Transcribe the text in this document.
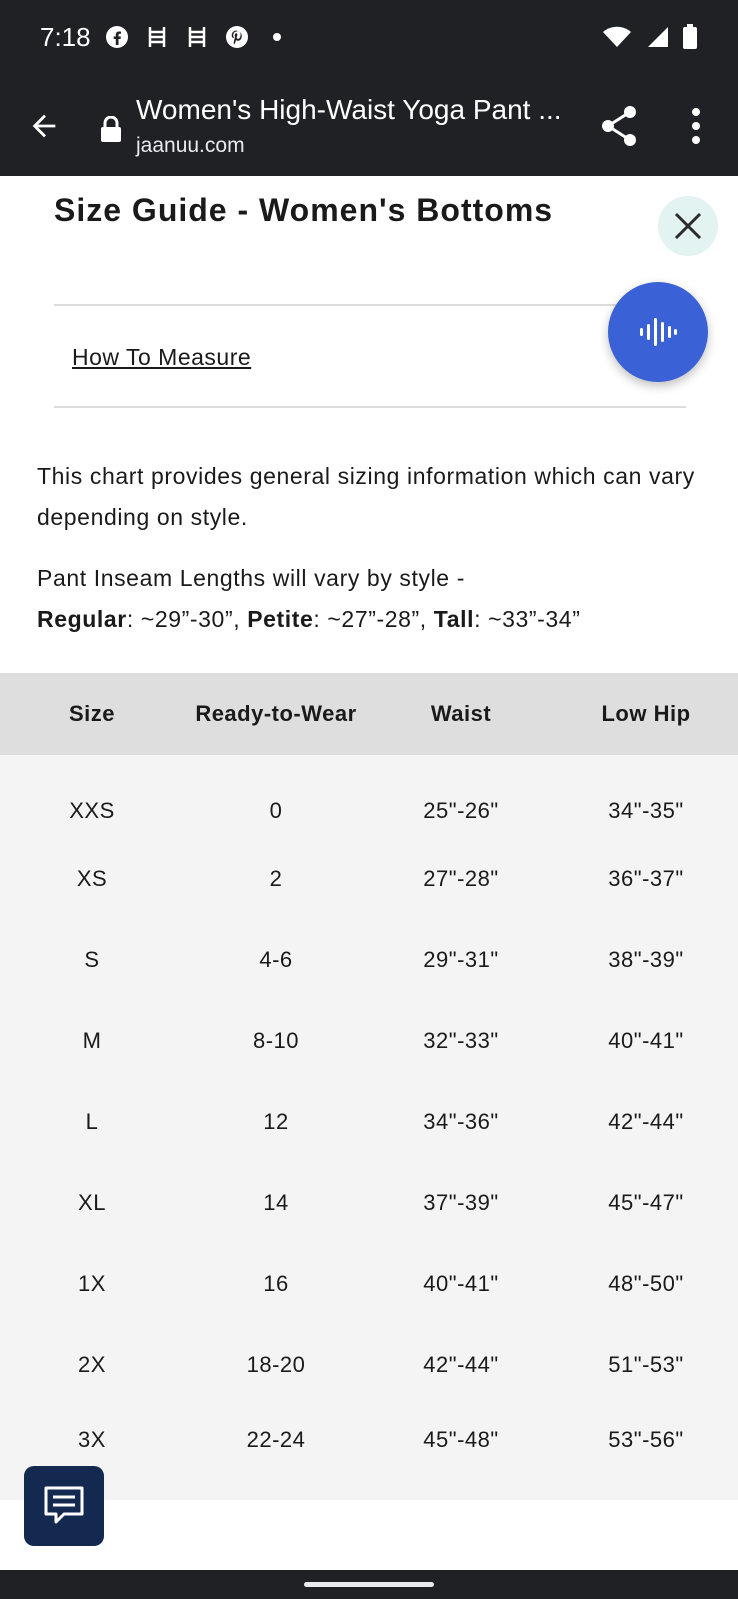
7:18
Women's High-Waist Yoga Pant ...
jaanuu.com
Size Guide - Women's Bottoms
How To Measure
This chart provides general sizing information which can vary depending on style.
Pant Inseam Lengths will vary by style -
Regular: ~29”-30”, Petite: ~27”-28”, Tall: ~33”-34”
Size	Ready-to-Wear	Waist	Low Hip
XXS	0	25"-26"	34"-35"
XS	2	27"-28"	36"-37"
S	4-6	29"-31"	38"-39"
M	8-10	32"-33"	40"-41"
L	12	34"-36"	42"-44"
XL	14	37"-39"	45"-47"
1X	16	40"-41"	48"-50"
2X	18-20	42"-44"	51"-53"
3X	22-24	45"-48"	53"-56"
